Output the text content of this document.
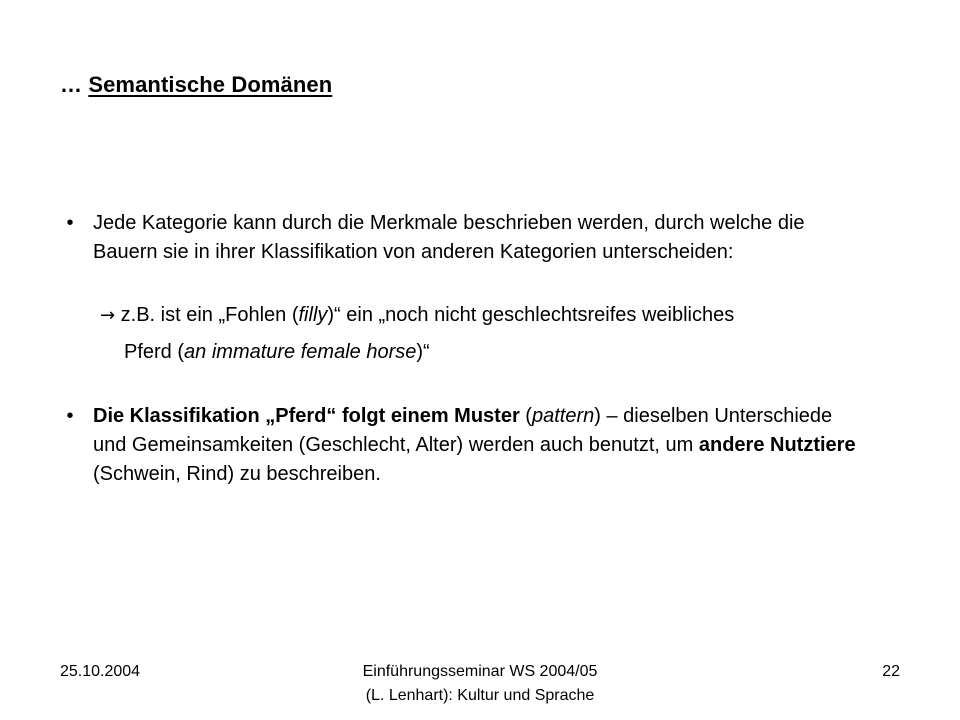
… Semantische Domänen
• Jede Kategorie kann durch die Merkmale beschrieben werden, durch welche die Bauern sie in ihrer Klassifikation von anderen Kategorien unterscheiden:
→ z.B. ist ein „Fohlen (filly)“ ein „noch nicht geschlechtsreifes weibliches
Pferd (an immature female horse)“
• Die Klassifikation „Pferd“ folgt einem Muster (pattern) – dieselben Unterschiede und Gemeinsamkeiten (Geschlecht, Alter) werden auch benutzt, um andere Nutztiere (Schwein, Rind) zu beschreiben.
25.10.2004	Einführungsseminar WS 2004/05
(L. Lenhart): Kultur und Sprache
22
